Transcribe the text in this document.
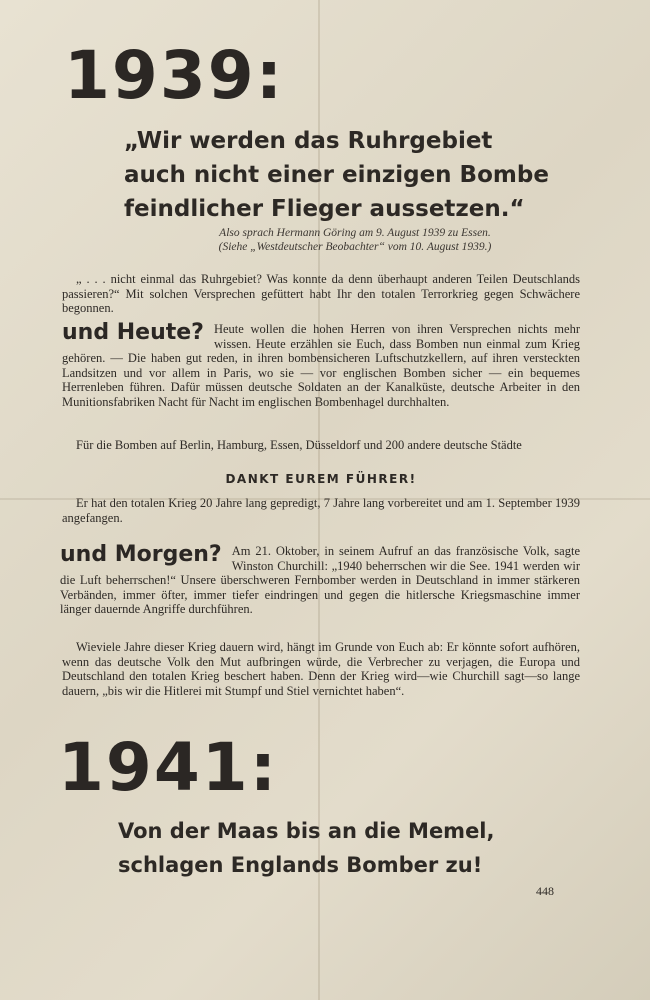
1939:
„Wir werden das Ruhrgebiet
auch nicht einer einzigen Bombe
feindlicher Flieger aussetzen.“
Also sprach Hermann Göring am 9. August 1939 zu Essen.
(Siehe „Westdeutscher Beobachter“ vom 10. August 1939.)

„ . . . nicht einmal das Ruhrgebiet? Was konnte da denn überhaupt anderen Teilen Deutschlands passieren?“ Mit solchen Versprechen gefüttert habt Ihr den totalen Terrorkrieg gegen Schwächere begonnen.

und Heute? Heute wollen die hohen Herren von ihren Versprechen nichts mehr wissen. Heute erzählen sie Euch, dass Bomben nun einmal zum Krieg gehören. — Die haben gut reden, in ihren bombensicheren Luftschutzkellern, auf ihren versteckten Landsitzen und vor allem in Paris, wo sie — vor englischen Bomben sicher — ein bequemes Herrenleben führen. Dafür müssen deutsche Soldaten an der Kanalküste, deutsche Arbeiter in den Munitionsfabriken Nacht für Nacht im englischen Bombenhagel durchhalten.

Für die Bomben auf Berlin, Hamburg, Essen, Düsseldorf und 200 andere deutsche Städte

DANKT EUREM FÜHRER!

Er hat den totalen Krieg 20 Jahre lang gepredigt, 7 Jahre lang vorbereitet und am 1. September 1939 angefangen.

und Morgen? Am 21. Oktober, in seinem Aufruf an das französische Volk, sagte Winston Churchill: „1940 beherrschen wir die See. 1941 werden wir die Luft beherrschen!“ Unsere überschweren Fernbomber werden in Deutschland in immer stärkeren Verbänden, immer öfter, immer tiefer eindringen und gegen die hitlersche Kriegsmaschine immer länger dauernde Angriffe durchführen.

Wieviele Jahre dieser Krieg dauern wird, hängt im Grunde von Euch ab: Er könnte sofort aufhören, wenn das deutsche Volk den Mut aufbringen würde, die Verbrecher zu verjagen, die Europa und Deutschland den totalen Krieg beschert haben. Denn der Krieg wird—wie Churchill sagt—so lange dauern, „bis wir die Hitlerei mit Stumpf und Stiel vernichtet haben“.

1941:
Von der Maas bis an die Memel,
schlagen Englands Bomber zu!
448
